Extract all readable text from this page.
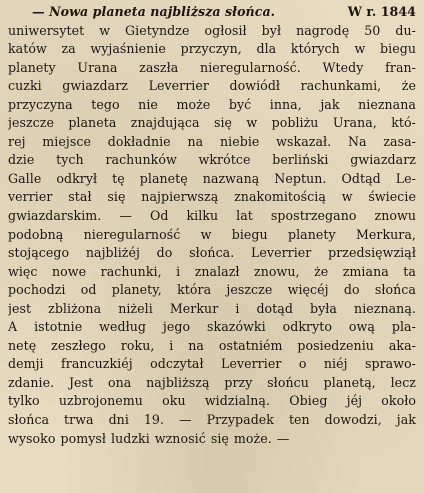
— Nowa planeta najbliższa słońca.	W r. 1844
uniwersytet w Gietyndze ogłosił był nagrodę 50 du-
katów za wyjaśnienie przyczyn, dla których w biegu
planety Urana zaszła nieregularność. Wtedy fran-
cuzki gwiazdarz Leverrier dowiódł rachunkami, że
przyczyna tego nie może być inna, jak nieznana
jeszcze planeta znajdująca się w pobliżu Urana, któ-
rej miejsce dokładnie na niebie wskazał. Na zasa-
dzie tych rachunków wkrótce berliński gwiazdarz
Galle odkrył tę planetę nazwaną Neptun. Odtąd Le-
verrier stał się najpierwszą znakomitością w świecie
gwiazdarskim. — Od kilku lat spostrzegano znowu
podobną nieregularność w biegu planety Merkura,
stojącego najbliżéj do słońca. Leverrier przedsięwziął
więc nowe rachunki, i znalazł znowu, że zmiana ta
pochodzi od planety, która jeszcze więcéj do słońca
jest zbliżona niżeli Merkur i dotąd była nieznaną.
A istotnie według jego skazówki odkryto ową pla-
netę zeszłego roku, i na ostatniém posiedzeniu aka-
demji francuzkiéj odczytał Leverrier o niéj sprawo-
zdanie. Jest ona najbliższą przy słońcu planetą, lecz
tylko uzbrojonemu oku widzialną. Obieg jéj około
słońca trwa dni 19. — Przypadek ten dowodzi, jak
wysoko pomysł ludzki wznosić się może. —
